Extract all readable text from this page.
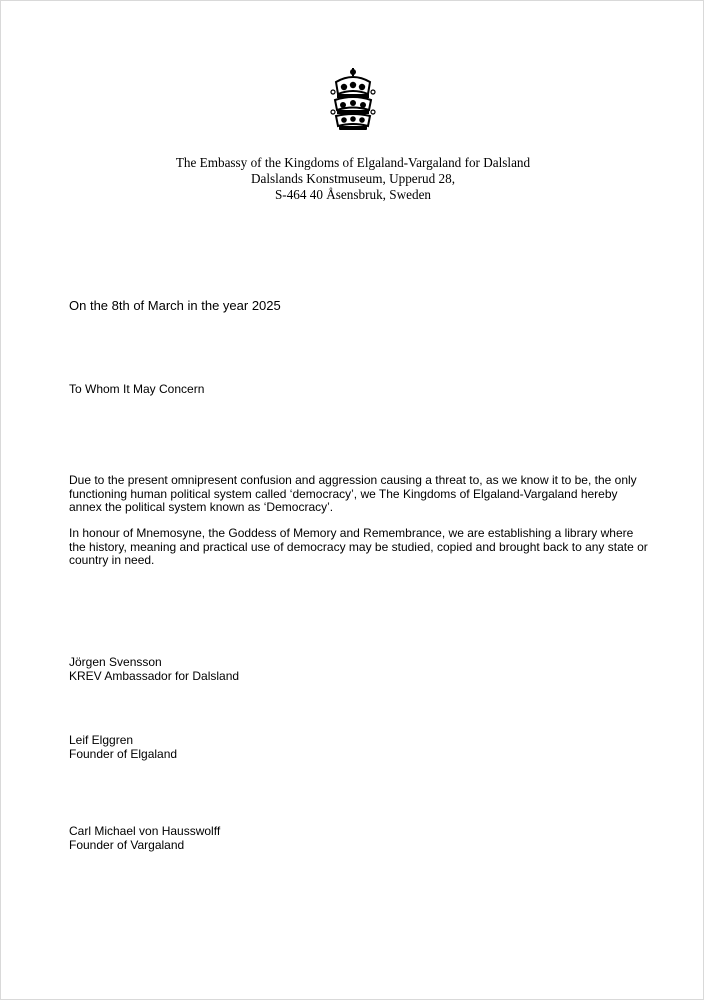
The Embassy of the Kingdoms of Elgaland-Vargaland for Dalsland
Dalslands Konstmuseum, Upperud 28,
S-464 40 Åsensbruk, Sweden
On the 8th of March in the year 2025
To Whom It May Concern
Due to the present omnipresent confusion and aggression causing a threat to, as we know it to be, the only functioning human political system called ‘democracy’, we The Kingdoms of Elgaland-Vargaland hereby annex the political system known as ‘Democracy’.
In honour of Mnemosyne, the Goddess of Memory and Remembrance, we are establishing a library where the history, meaning and practical use of democracy may be studied, copied and brought back to any state or country in need.
Jörgen Svensson
KREV Ambassador for Dalsland
Leif Elggren
Founder of Elgaland
Carl Michael von Hausswolff
Founder of Vargaland
